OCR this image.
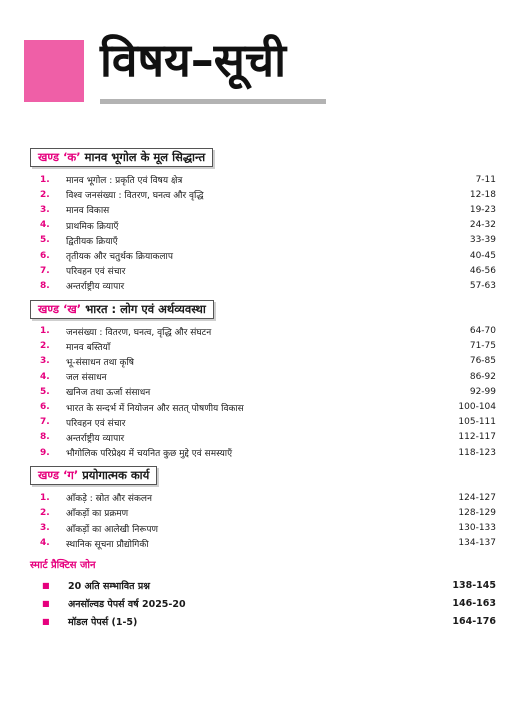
विषय–सूची
खण्ड ‘क’ मानव भूगोल के मूल सिद्धान्त
1.	मानव भूगोल : प्रकृति एवं विषय क्षेत्र	7-11
2.	विश्व जनसंख्या : वितरण, घनत्व और वृद्धि	12-18
3.	मानव विकास	19-23
4.	प्राथमिक क्रियाएँ	24-32
5.	द्वितीयक क्रियाएँ	33-39
6.	तृतीयक और चतुर्थक क्रियाकलाप	40-45
7.	परिवहन एवं संचार	46-56
8.	अन्तर्राष्ट्रीय व्यापार	57-63
खण्ड ‘ख’ भारत : लोग एवं अर्थव्यवस्था
1.	जनसंख्या : वितरण, घनत्व, वृद्धि और संघटन	64-70
2.	मानव बस्तियाँ	71-75
3.	भू-संसाधन तथा कृषि	76-85
4.	जल संसाधन	86-92
5.	खनिज तथा ऊर्जा संसाधन	92-99
6.	भारत के सन्दर्भ में नियोजन और सतत् पोषणीय विकास	100-104
7.	परिवहन एवं संचार	105-111
8.	अन्तर्राष्ट्रीय व्यापार	112-117
9.	भौगोलिक परिप्रेक्ष्य में चयनित कुछ मुद्दे एवं समस्याएँ	118-123
खण्ड ‘ग’ प्रयोगात्मक कार्य
1.	आँकड़े : स्रोत और संकलन	124-127
2.	आँकड़ों का प्रक्रमण	128-129
3.	आँकड़ों का आलेखी निरूपण	130-133
4.	स्थानिक सूचना प्रौद्योगिकी	134-137
स्मार्ट प्रैक्टिस जोन
■	20 अति सम्भावित प्रश्न	138-145
■	अनसॉल्वड पेपर्स वर्ष 2025-20	146-163
■	मॉडल पेपर्स (1-5)	164-176
